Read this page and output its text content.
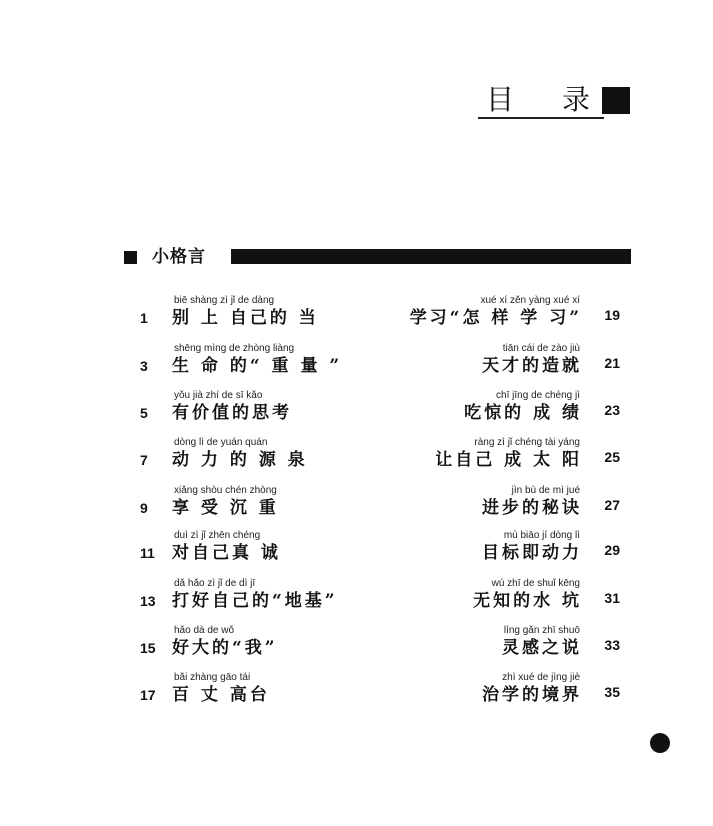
目 录
小格言
1
biē shàng zì jǐ de dàng
别 上 自己的 当
3
shēng mìng de zhòng liàng
生 命 的“ 重 量 ”
5
yǒu jià zhí de sī kǎo
有价值的思考
7
dòng lì de yuán quán
动 力 的 源 泉
9
xiǎng shòu chén zhòng
享 受 沉 重
11
duì zì jǐ zhēn chéng
对自己真 诚
13
dǎ hǎo zì jǐ de dì jī
打好自己的“地基”
15
hǎo dà de wǒ
好大的“我”
17
bǎi zhàng gāo tái
百 丈 高台
xué xí zěn yàng xué xí
学习“怎 样 学 习”	19
tiān cái de zào jiù
天才的造就	21
chī jīng de chéng jì
吃惊的 成 绩	23
ràng zì jǐ chéng tài yáng
让自己 成 太 阳	25
jìn bù de mì jué
进步的秘诀	27
mù biāo jí dòng lì
目标即动力	29
wú zhī de shuǐ kēng
无知的水 坑	31
líng gǎn zhī shuō
灵感之说	33
zhì xué de jìng jiè
治学的境界	35
